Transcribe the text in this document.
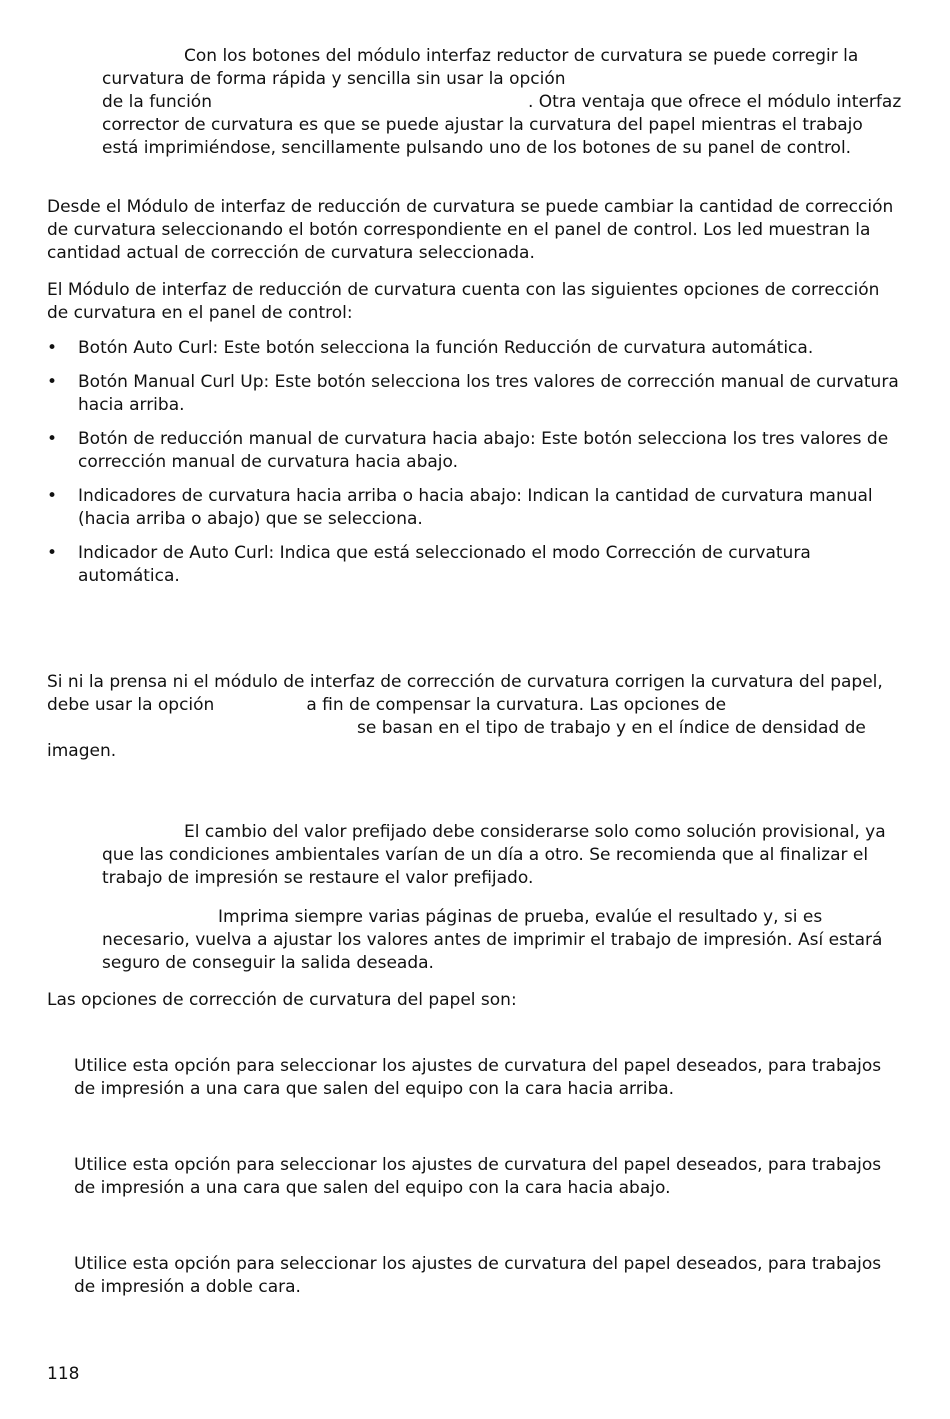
Con los botones del módulo interfaz reductor de curvatura se puede corregir la curvatura de forma rápida y sencilla sin usar la opción
de la función	. Otra ventaja que ofrece el módulo interfaz corrector de curvatura es que se puede ajustar la curvatura del papel mientras el trabajo está imprimiéndose, sencillamente pulsando uno de los botones de su panel de control.

Desde el Módulo de interfaz de reducción de curvatura se puede cambiar la cantidad de corrección de curvatura seleccionando el botón correspondiente en el panel de control. Los led muestran la cantidad actual de corrección de curvatura seleccionada.

El Módulo de interfaz de reducción de curvatura cuenta con las siguientes opciones de corrección de curvatura en el panel de control:

• Botón Auto Curl: Este botón selecciona la función Reducción de curvatura automática.
• Botón Manual Curl Up: Este botón selecciona los tres valores de corrección manual de curvatura hacia arriba.
• Botón de reducción manual de curvatura hacia abajo: Este botón selecciona los tres valores de corrección manual de curvatura hacia abajo.
• Indicadores de curvatura hacia arriba o hacia abajo: Indican la cantidad de curvatura manual (hacia arriba o abajo) que se selecciona.
• Indicador de Auto Curl: Indica que está seleccionado el modo Corrección de curvatura automática.

Si ni la prensa ni el módulo de interfaz de corrección de curvatura corrigen la curvatura del papel, debe usar la opción	a fin de compensar la curvatura. Las opciones dese basan en el tipo de trabajo y en el índice de densidad de imagen.

El cambio del valor prefijado debe considerarse solo como solución provisional, ya que las condiciones ambientales varían de un día a otro. Se recomienda que al finalizar el trabajo de impresión se restaure el valor prefijado.

Imprima siempre varias páginas de prueba, evalúe el resultado y, si es necesario, vuelva a ajustar los valores antes de imprimir el trabajo de impresión. Así estará seguro de conseguir la salida deseada.

Las opciones de corrección de curvatura del papel son:

Utilice esta opción para seleccionar los ajustes de curvatura del papel deseados, para trabajos de impresión a una cara que salen del equipo con la cara hacia arriba.

Utilice esta opción para seleccionar los ajustes de curvatura del papel deseados, para trabajos de impresión a una cara que salen del equipo con la cara hacia abajo.

Utilice esta opción para seleccionar los ajustes de curvatura del papel deseados, para trabajos de impresión a doble cara.

118
